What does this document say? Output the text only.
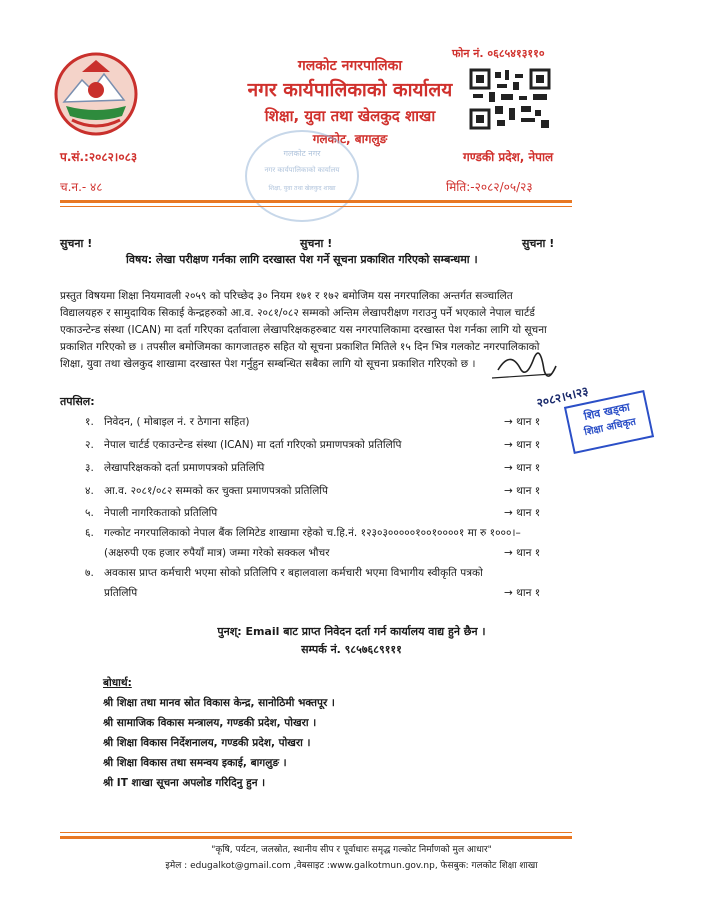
गलकोट नगरपालिका
नगर कार्यपालिकाको कार्यालय
शिक्षा, युवा तथा खेलकुद शाखा
गलकोट, बागलुङ
फोन नं. ०६८५४१३११०
प.सं.:२०८२।०८३	गण्डकी प्रदेश, नेपाल
च.न.- ४८	मिति:-२०८२/०५/२३
गलकोट नगर
नगर कार्यपालिकाको कार्यालय
शिक्षा, युवा तथा खेलकुद शाखा
सुचना !	सुचना !	सुचना !
विषय: लेखा परीक्षण गर्नका लागि दरखास्त पेश गर्ने सूचना प्रकाशित गरिएको सम्बन्धमा ।
प्रस्तुत विषयमा शिक्षा नियमावली २०५९ को परिच्छेद ३० नियम १७१ र १७२ बमोजिम यस नगरपालिका अन्तर्गत सञ्चालित
विद्यालयहरु र सामुदायिक सिकाई केन्द्रहरुको आ.व. २०८१/०८२ सम्मको अन्तिम लेखापरीक्षण गराउनु पर्ने भएकाले नेपाल चार्टर्ड
एकाउन्टेन्ड संस्था (ICAN) मा दर्ता गरिएका दर्तावाला लेखापरिक्षकहरुबाट यस नगरपालिकामा दरखास्त पेश गर्नका लागि यो सूचना
प्रकाशित गरिएको छ । तपसील बमोजिमका कागजातहरु सहित यो सूचना प्रकाशित मितिले १५ दिन भित्र गलकोट नगरपालिकाको
शिक्षा, युवा तथा खेलकुद शाखामा दरखास्त पेश गर्नुहुन सम्बन्धित सबैका लागि यो सूचना प्रकाशित गरिएको छ ।
२०८२।५।२३
शिव खड्का
शिक्षा अधिकृत
तपसिल:
१. निवेदन, ( मोबाइल नं. र ठेगाना सहित)	→ थान १
२. नेपाल चार्टर्ड एकाउन्टेन्ड संस्था (ICAN) मा दर्ता गरिएको प्रमाणपत्रको प्रतिलिपि	→ थान १
३. लेखापरिक्षकको दर्ता प्रमाणपत्रको प्रतिलिपि	→ थान १
४. आ.व. २०८१/०८२ सम्मको कर चुक्ता प्रमाणपत्रको प्रतिलिपि	→ थान १
५. नेपाली नागरिकताको प्रतिलिपि	→ थान १
६. गल्कोट नगरपालिकाको नेपाल बैंक लिमिटेड शाखामा रहेको च.हि.नं. १२३०३०००००१००१००००१ मा रु १०००।–
(अक्षरुपी एक हजार रुपैयाँ मात्र) जम्मा गरेको सक्कल भौचर	→ थान १
७. अवकास प्राप्त कर्मचारी भएमा सोको प्रतिलिपि र बहालवाला कर्मचारी भएमा विभागीय स्वीकृति पत्रको
प्रतिलिपि	→ थान १
पुनश्: Email बाट प्राप्त निवेदन दर्ता गर्न कार्यालय वाद्य हुने छैन ।
सम्पर्क नं. ९८५७६८९१११
बोधार्थ:
श्री शिक्षा तथा मानव स्रोत विकास केन्द्र, सानोठिमी भक्तपूर ।
श्री सामाजिक विकास मन्त्रालय, गण्डकी प्रदेश, पोखरा ।
श्री शिक्षा विकास निर्देशनालय, गण्डकी प्रदेश, पोखरा ।
श्री शिक्षा विकास तथा समन्वय इकाई, बागलुङ ।
श्री IT शाखा सूचना अपलोड गरिदिनु हुन ।
"कृषि, पर्यटन, जलस्रोत, स्थानीय सीप र पूर्वाधारः समृद्ध गल्कोट निर्माणको मुल आधार"
इमेल : edugalkot@gmail.com ,वेबसाइट :www.galkotmun.gov.np, फेसबुक: गलकोट शिक्षा शाखा
